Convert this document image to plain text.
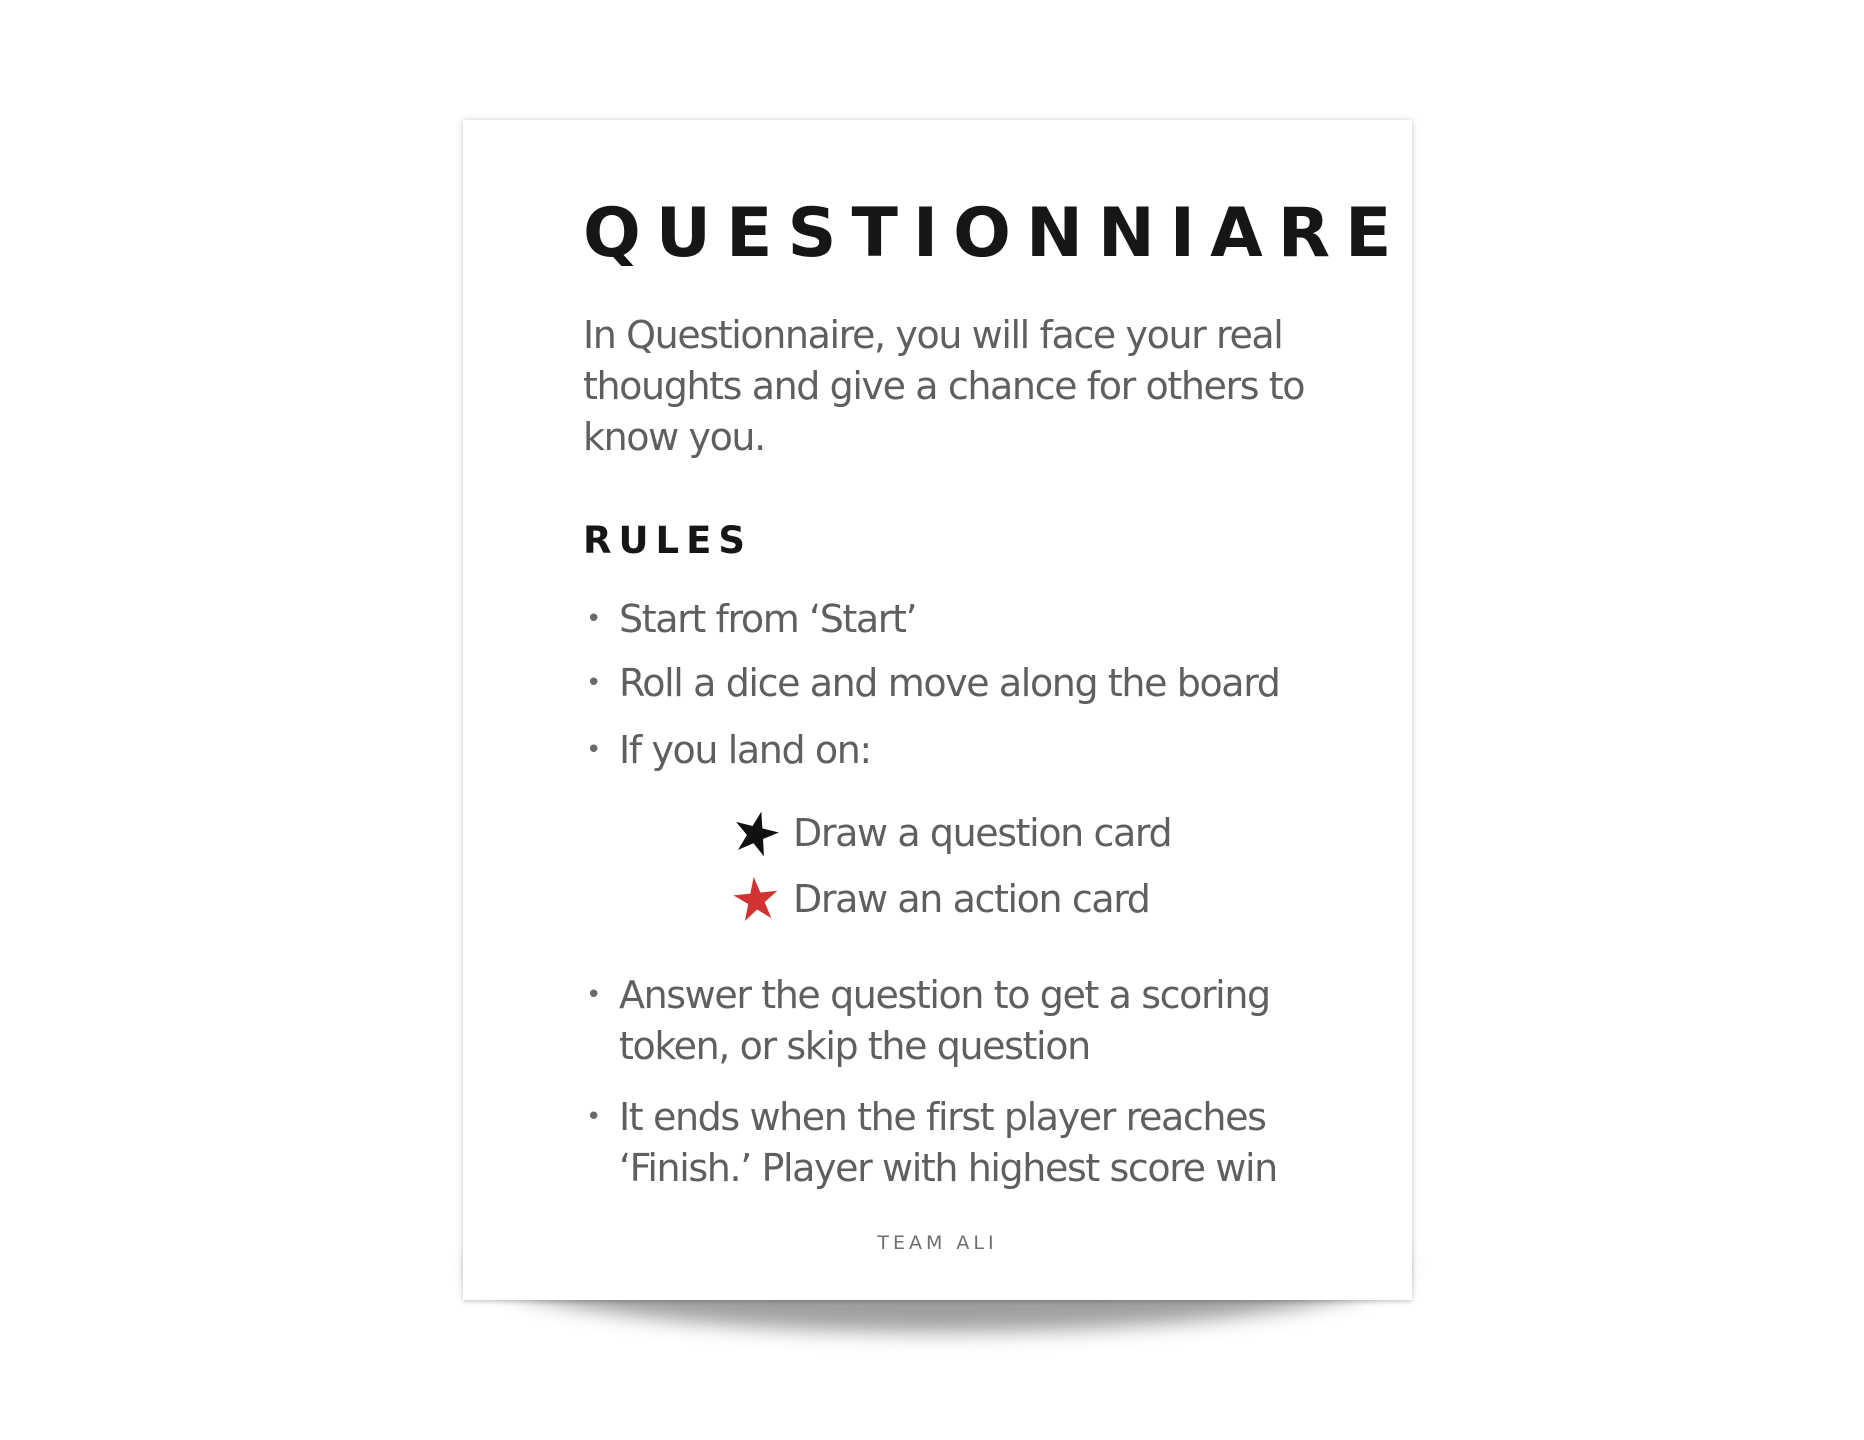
QUESTIONNIARE

In Questionnaire, you will face your real thoughts and give a chance for others to know you.

RULES
• Start from ‘Start’
• Roll a dice and move along the board
• If you land on:
Draw a question card
Draw an action card
• Answer the question to get a scoring
token, or skip the question
• It ends when the first player reaches
‘Finish.’ Player with highest score win
TEAM ALI
